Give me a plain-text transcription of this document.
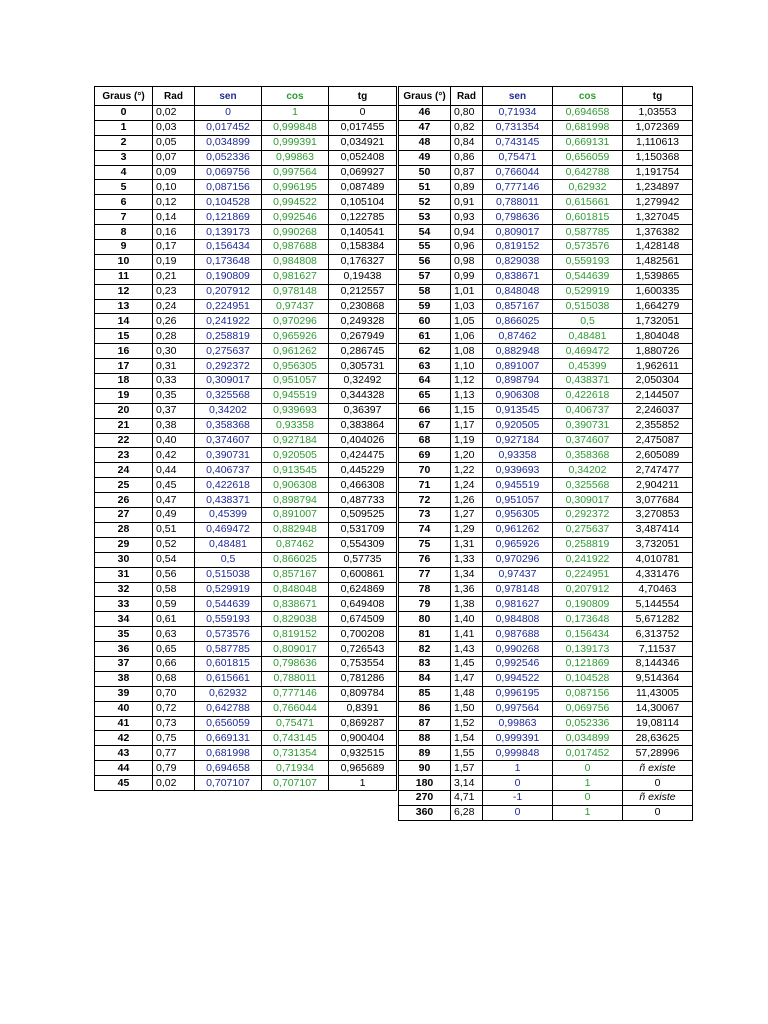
Graus (°)	Rad	sen	cos	tg
0	0,02	0	1	0
1	0,03	0,017452	0,999848	0,017455
2	0,05	0,034899	0,999391	0,034921
3	0,07	0,052336	0,99863	0,052408
4	0,09	0,069756	0,997564	0,069927
5	0,10	0,087156	0,996195	0,087489
6	0,12	0,104528	0,994522	0,105104
7	0,14	0,121869	0,992546	0,122785
8	0,16	0,139173	0,990268	0,140541
9	0,17	0,156434	0,987688	0,158384
10	0,19	0,173648	0,984808	0,176327
11	0,21	0,190809	0,981627	0,19438
12	0,23	0,207912	0,978148	0,212557
13	0,24	0,224951	0,97437	0,230868
14	0,26	0,241922	0,970296	0,249328
15	0,28	0,258819	0,965926	0,267949
16	0,30	0,275637	0,961262	0,286745
17	0,31	0,292372	0,956305	0,305731
18	0,33	0,309017	0,951057	0,32492
19	0,35	0,325568	0,945519	0,344328
20	0,37	0,34202	0,939693	0,36397
21	0,38	0,358368	0,93358	0,383864
22	0,40	0,374607	0,927184	0,404026
23	0,42	0,390731	0,920505	0,424475
24	0,44	0,406737	0,913545	0,445229
25	0,45	0,422618	0,906308	0,466308
26	0,47	0,438371	0,898794	0,487733
27	0,49	0,45399	0,891007	0,509525
28	0,51	0,469472	0,882948	0,531709
29	0,52	0,48481	0,87462	0,554309
30	0,54	0,5	0,866025	0,57735
31	0,56	0,515038	0,857167	0,600861
32	0,58	0,529919	0,848048	0,624869
33	0,59	0,544639	0,838671	0,649408
34	0,61	0,559193	0,829038	0,674509
35	0,63	0,573576	0,819152	0,700208
36	0,65	0,587785	0,809017	0,726543
37	0,66	0,601815	0,798636	0,753554
38	0,68	0,615661	0,788011	0,781286
39	0,70	0,62932	0,777146	0,809784
40	0,72	0,642788	0,766044	0,8391
41	0,73	0,656059	0,75471	0,869287
42	0,75	0,669131	0,743145	0,900404
43	0,77	0,681998	0,731354	0,932515
44	0,79	0,694658	0,71934	0,965689
45	0,02	0,707107	0,707107	1
Graus (°)	Rad	sen	cos	tg
46	0,80	0,71934	0,694658	1,03553
47	0,82	0,731354	0,681998	1,072369
48	0,84	0,743145	0,669131	1,110613
49	0,86	0,75471	0,656059	1,150368
50	0,87	0,766044	0,642788	1,191754
51	0,89	0,777146	0,62932	1,234897
52	0,91	0,788011	0,615661	1,279942
53	0,93	0,798636	0,601815	1,327045
54	0,94	0,809017	0,587785	1,376382
55	0,96	0,819152	0,573576	1,428148
56	0,98	0,829038	0,559193	1,482561
57	0,99	0,838671	0,544639	1,539865
58	1,01	0,848048	0,529919	1,600335
59	1,03	0,857167	0,515038	1,664279
60	1,05	0,866025	0,5	1,732051
61	1,06	0,87462	0,48481	1,804048
62	1,08	0,882948	0,469472	1,880726
63	1,10	0,891007	0,45399	1,962611
64	1,12	0,898794	0,438371	2,050304
65	1,13	0,906308	0,422618	2,144507
66	1,15	0,913545	0,406737	2,246037
67	1,17	0,920505	0,390731	2,355852
68	1,19	0,927184	0,374607	2,475087
69	1,20	0,93358	0,358368	2,605089
70	1,22	0,939693	0,34202	2,747477
71	1,24	0,945519	0,325568	2,904211
72	1,26	0,951057	0,309017	3,077684
73	1,27	0,956305	0,292372	3,270853
74	1,29	0,961262	0,275637	3,487414
75	1,31	0,965926	0,258819	3,732051
76	1,33	0,970296	0,241922	4,010781
77	1,34	0,97437	0,224951	4,331476
78	1,36	0,978148	0,207912	4,70463
79	1,38	0,981627	0,190809	5,144554
80	1,40	0,984808	0,173648	5,671282
81	1,41	0,987688	0,156434	6,313752
82	1,43	0,990268	0,139173	7,11537
83	1,45	0,992546	0,121869	8,144346
84	1,47	0,994522	0,104528	9,514364
85	1,48	0,996195	0,087156	11,43005
86	1,50	0,997564	0,069756	14,30067
87	1,52	0,99863	0,052336	19,08114
88	1,54	0,999391	0,034899	28,63625
89	1,55	0,999848	0,017452	57,28996
90	1,57	1	0	ñ existe
180	3,14	0	1	0
270	4,71	-1	0	ñ existe
360	6,28	0	1	0
